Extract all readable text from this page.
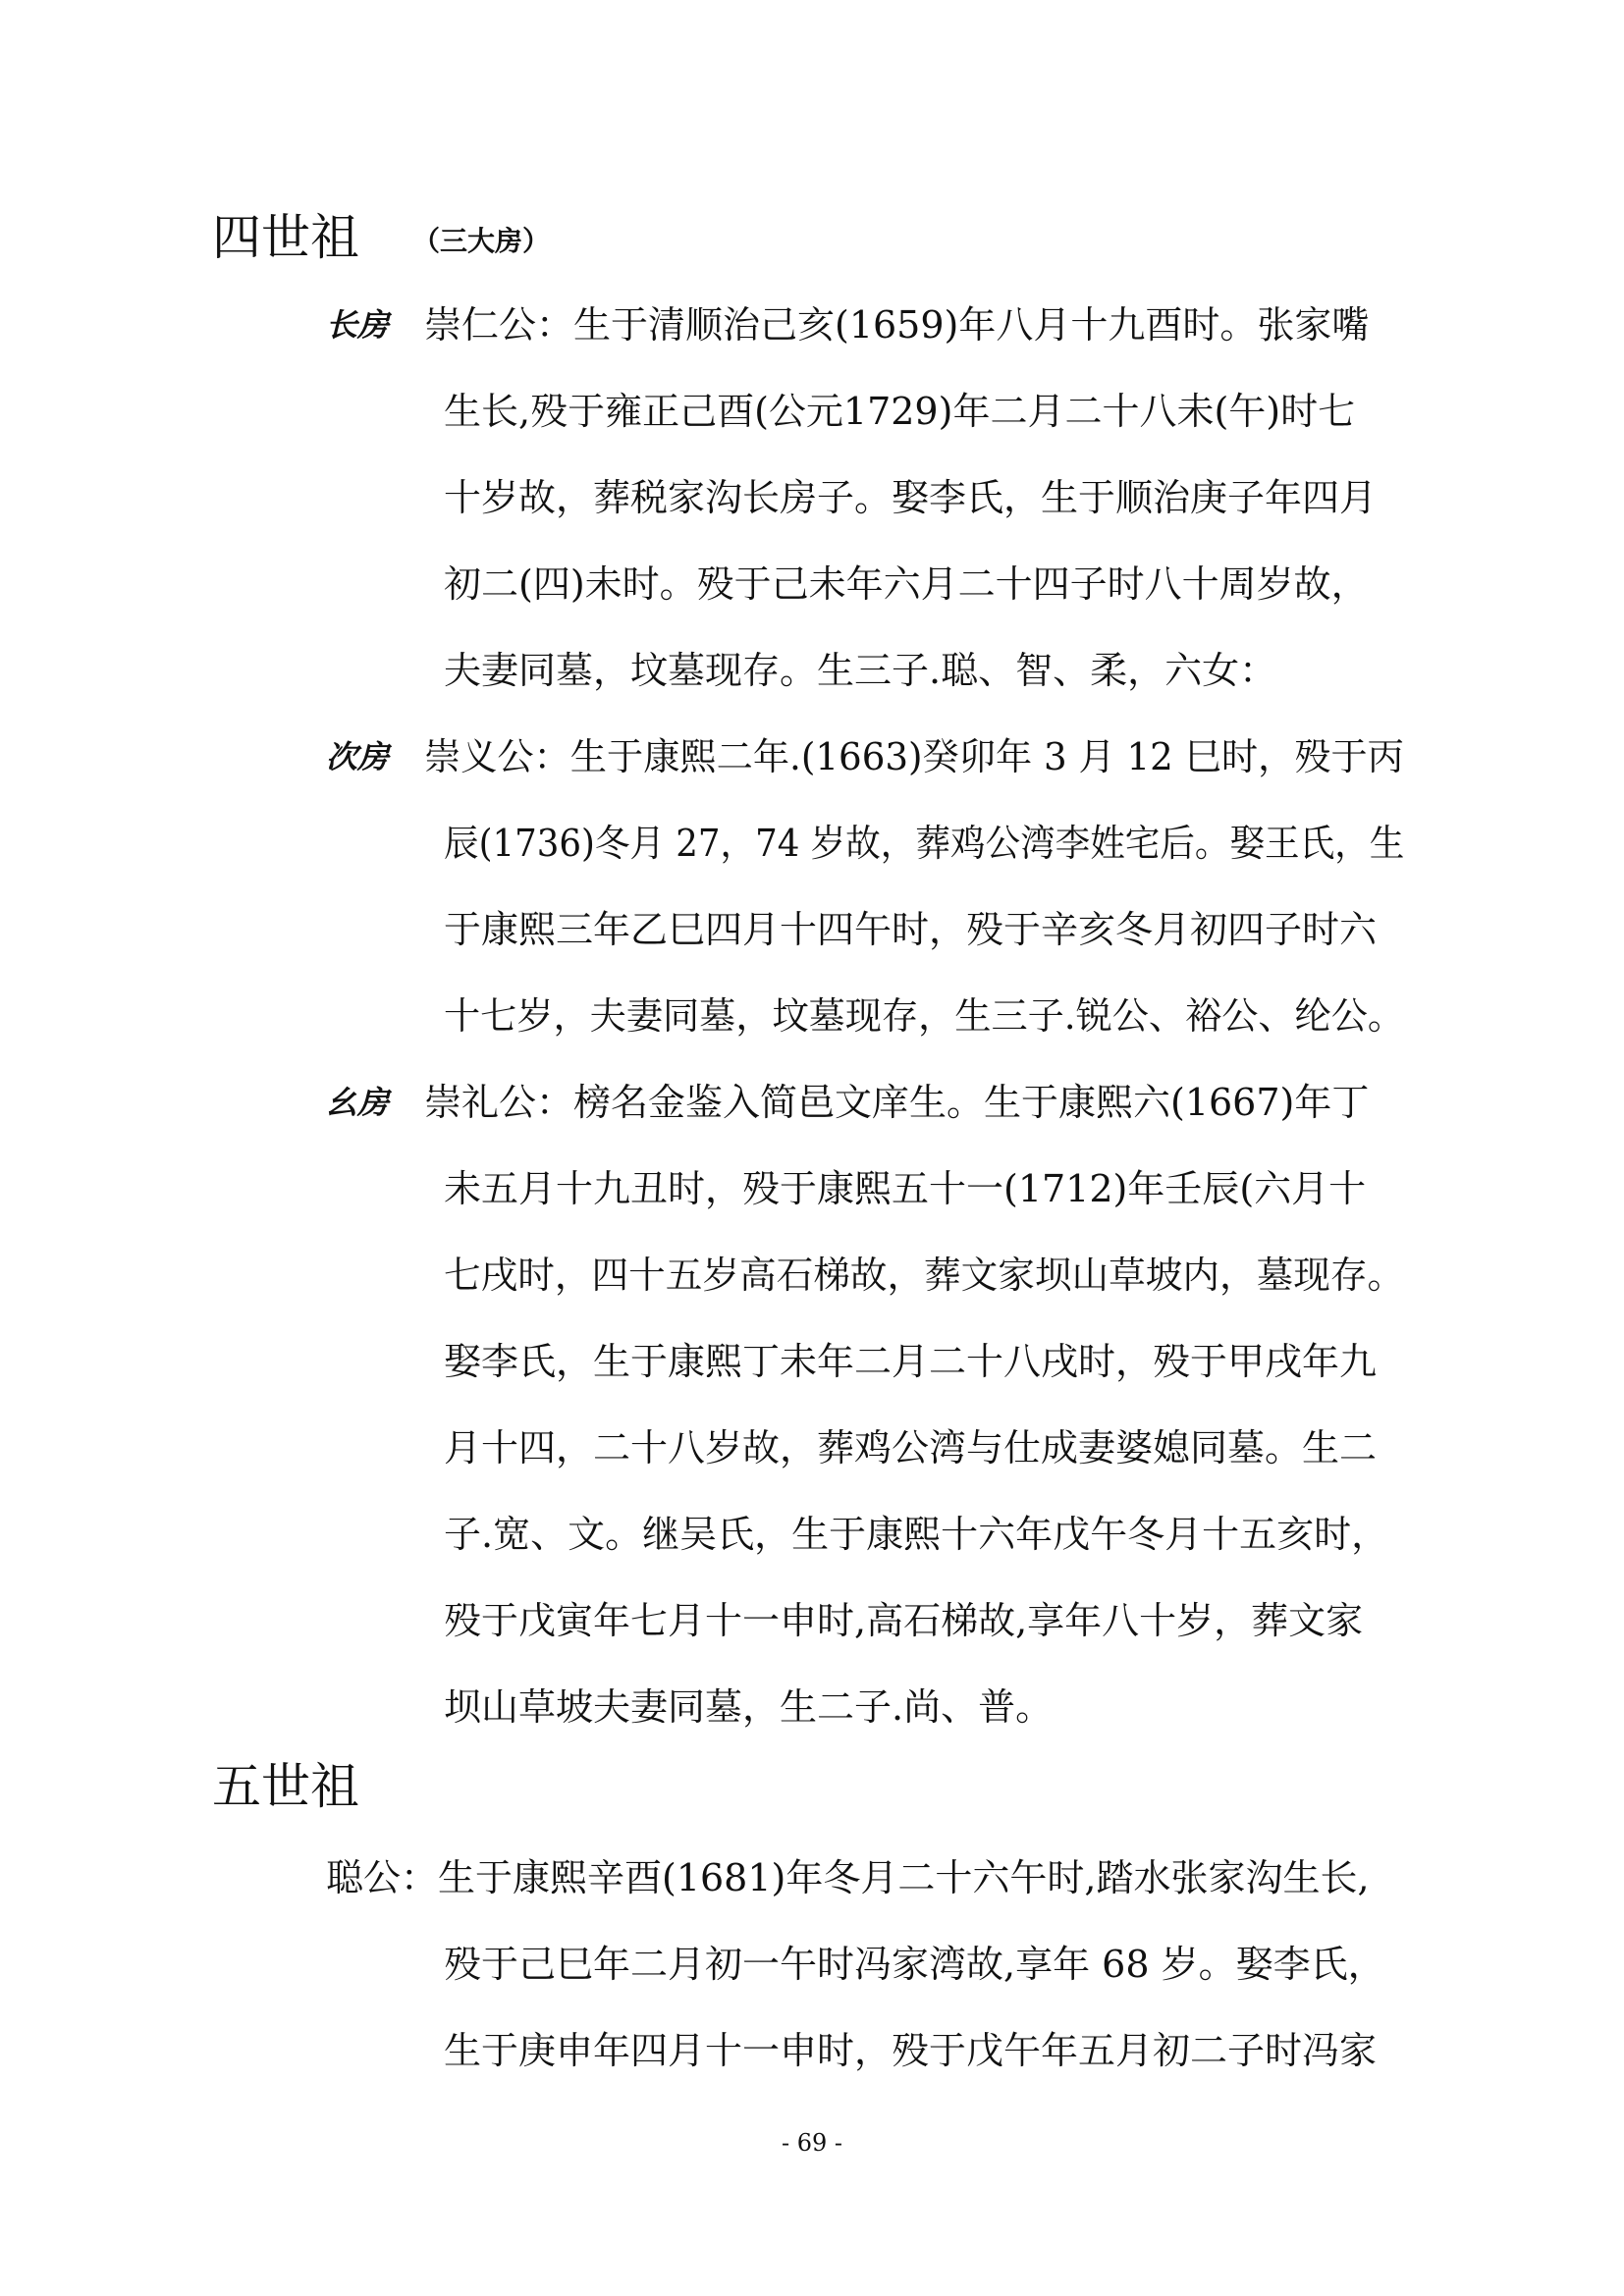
四世祖 （三大房）
长房 崇仁公：生于清顺治己亥(1659)年八月十九酉时。张家嘴
生长,殁于雍正己酉(公元1729)年二月二十八未(午)时七
十岁故，葬税家沟长房子。娶李氏，生于顺治庚子年四月
初二(四)未时。殁于己未年六月二十四子时八十周岁故，
夫妻同墓，坟墓现存。生三子.聪、智、柔，六女：
次房 崇义公：生于康熙二年.(1663)癸卯年 3 月 12 巳时，殁于丙
辰(1736)冬月 27，74 岁故，葬鸡公湾李姓宅后。娶王氏，生
于康熙三年乙巳四月十四午时，殁于辛亥冬月初四子时六
十七岁，夫妻同墓，坟墓现存，生三子.锐公、裕公、纶公。
幺房 崇礼公：榜名金鉴入简邑文庠生。生于康熙六(1667)年丁
未五月十九丑时，殁于康熙五十一(1712)年壬辰(六月十
七戌时，四十五岁高石梯故，葬文家坝山草坡内，墓现存。
娶李氏，生于康熙丁未年二月二十八戌时，殁于甲戌年九
月十四，二十八岁故，葬鸡公湾与仕成妻婆媳同墓。生二
子.宽、文。继吴氏，生于康熙十六年戊午冬月十五亥时，
殁于戊寅年七月十一申时,高石梯故,享年八十岁，葬文家
坝山草坡夫妻同墓，生二子.尚、普。
五世祖
聪公：生于康熙辛酉(1681)年冬月二十六午时,踏水张家沟生长,
殁于己巳年二月初一午时冯家湾故,享年 68 岁。娶李氏，
生于庚申年四月十一申时，殁于戊午年五月初二子时冯家
- 69 -
